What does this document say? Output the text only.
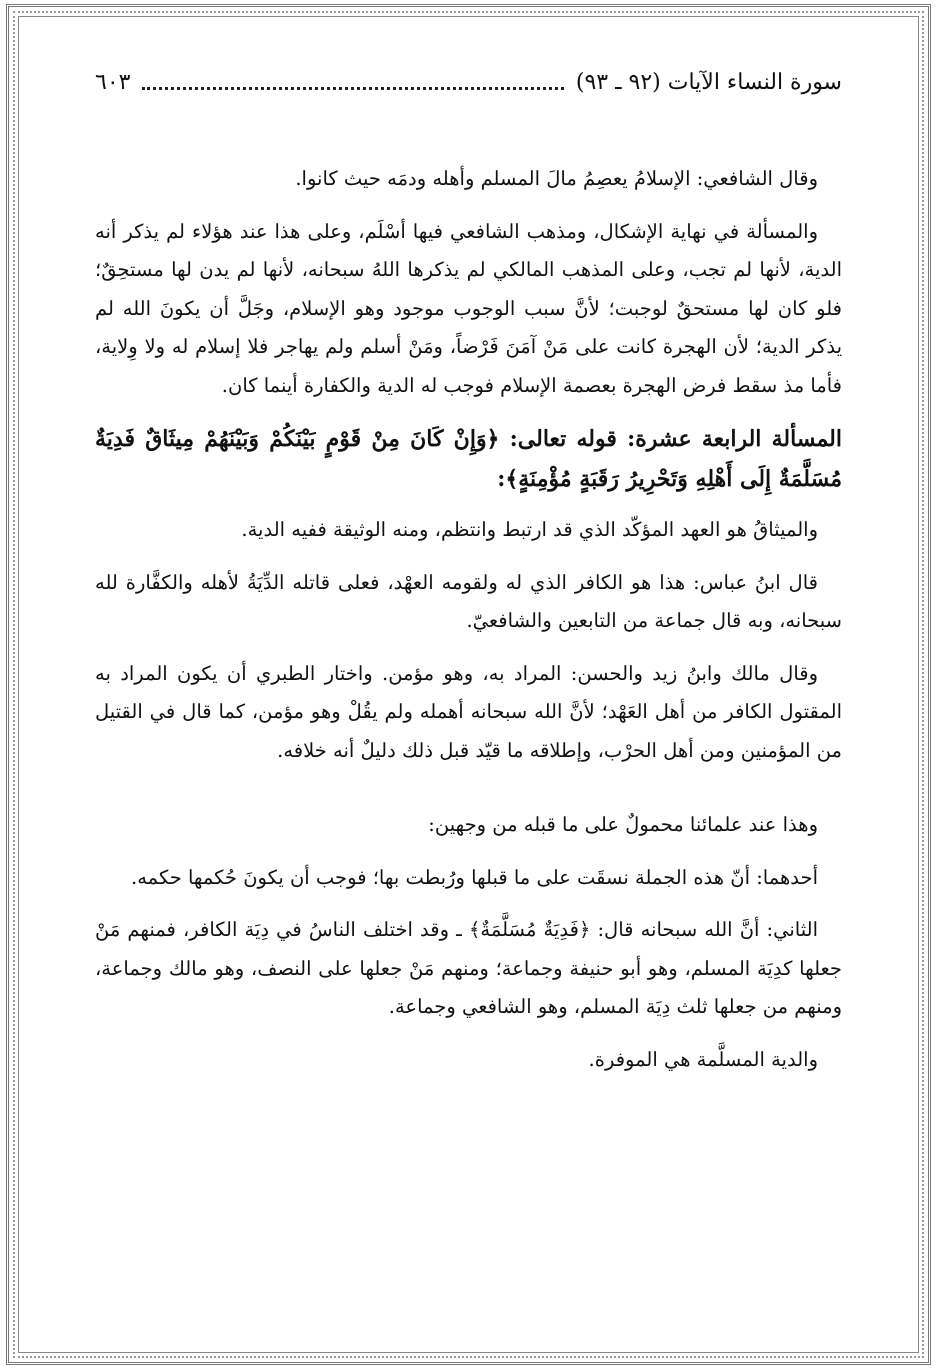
سورة النساء الآيات (٩٢ ـ ٩٣)
٦٠٣

وقال الشافعي: الإسلامُ يعصِمُ مالَ المسلم وأهله ودمَه حيث كانوا.

والمسألة في نهاية الإشكال، ومذهب الشافعي فيها أسْلَم، وعلى هذا عند هؤلاء لم يذكر أنه الدية، لأنها لم تجب، وعلى المذهب المالكي لم يذكرها اللهُ سبحانه، لأنها لم يدن لها مستحِقٌ؛ فلو كان لها مستحقٌ لوجبت؛ لأنَّ سبب الوجوب موجود وهو الإسلام، وجَلَّ أن يكونَ الله لم يذكر الدية؛ لأن الهجرة كانت على مَنْ آمَنَ فَرْضاً، ومَنْ أسلم ولم يهاجر فلا إسلام له ولا وِلاية، فأما مذ سقط فرض الهجرة بعصمة الإسلام فوجب له الدية والكفارة أينما كان.

المسألة الرابعة عشرة: قوله تعالى: ﴿وَإِنْ كَانَ مِنْ قَوْمٍ بَيْنَكُمْ وَبَيْنَهُمْ مِيثَاقٌ فَدِيَةٌ مُسَلَّمَةٌ إِلَى أَهْلِهِ وَتَحْرِيرُ رَقَبَةٍ مُؤْمِنَةٍ﴾:

والميثاقُ هو العهد المؤكّد الذي قد ارتبط وانتظم، ومنه الوثيقة ففيه الدية.

قال ابنُ عباس: هذا هو الكافر الذي له ولقومه العهْد، فعلى قاتله الدِّيَةُ لأهله والكفَّارة لله سبحانه، وبه قال جماعة من التابعين والشافعيّ.

وقال مالك وابنُ زيد والحسن: المراد به، وهو مؤمن. واختار الطبري أن يكون المراد به المقتول الكافر من أهل العَهْد؛ لأنَّ الله سبحانه أهمله ولم يقُلْ وهو مؤمن، كما قال في القتيل من المؤمنين ومن أهل الحرْب، وإطلاقه ما قيّد قبل ذلك دليلٌ أنه خلافه.

وهذا عند علمائنا محمولٌ على ما قبله من وجهين:

أحدهما: أنّ هذه الجملة نسقَت على ما قبلها ورُبطت بها؛ فوجب أن يكونَ حُكمها حكمه.

الثاني: أنَّ الله سبحانه قال: ﴿فَدِيَةٌ مُسَلَّمَةٌ﴾ ـ وقد اختلف الناسُ في دِيَة الكافر، فمنهم مَنْ جعلها كدِيَة المسلم، وهو أبو حنيفة وجماعة؛ ومنهم مَنْ جعلها على النصف، وهو مالك وجماعة، ومنهم من جعلها ثلث دِيَة المسلم، وهو الشافعي وجماعة.

والدية المسلَّمة هي الموفرة.
